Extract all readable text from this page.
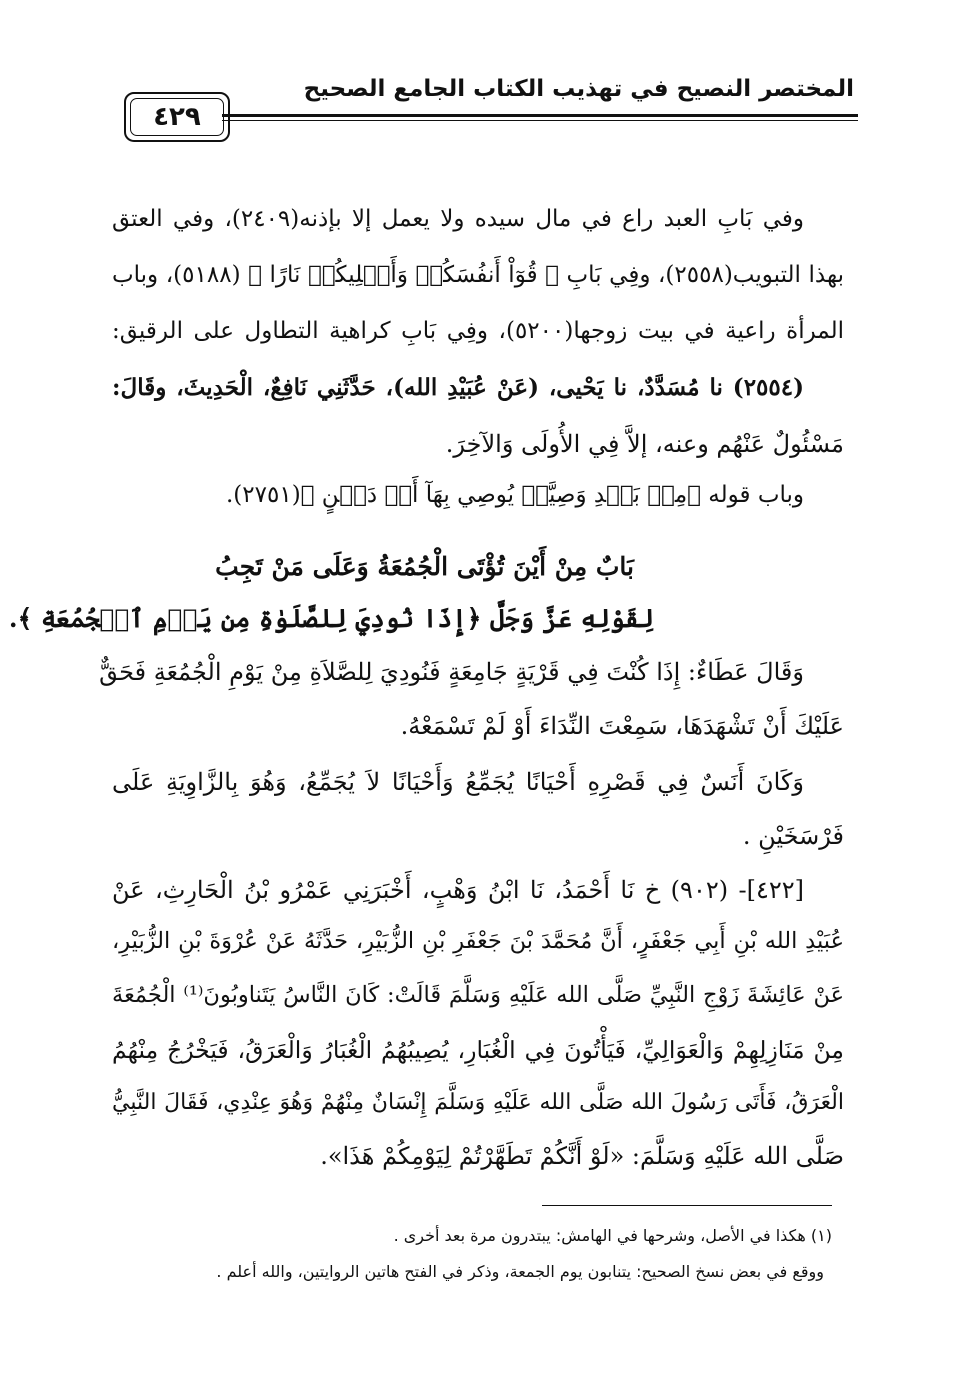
المختصر النصيح في تهذيب الكتاب الجامع الصحيح
٤٢٩
وفي بَابِ العبد راع في مال سيده ولا يعمل إلا بإذنه(٢٤٠٩)، وفي العتق
بهذا التبويب(٢٥٥٨)، وفِي بَابِ ﴿ قُوٓاْ أَنفُسَكُوۡ وَأَهۡلِيكُوۡ نَارًا ﴾ (٥١٨٨)، وباب
المرأة راعية في بيت زوجها(٥٢٠٠)، وفِي بَابِ كراهية التطاول على الرقيق:
(٢٥٥٤) نا مُسَدَّدٌ، نا يَحْيى، (عَنْ عُبَيْدِ الله)، حَدَّثَنِي نَافِعٌ، الْحَدِيثَ، وقَالَ:
مَسْئُولٌ عَنْهُم وعنه، إلاَّ فِي الأُولَى وَالآخِرَ.
وباب قوله ﴿مِنۢ بَعۡدِ وَصِيَّةٖ يُوصِي بِهَآ أَوۡ دَيۡنٍ ﴾(٢٧٥١).
بَابٌ مِنْ أَيْنَ تُؤْتَى الْجُمُعَةُ وَعَلَى مَنْ تَجِبُ
لِقَوْلِهِ عَزَّ وَجَلَّ ﴿إِذَا نُودِيَ لِلصَّلَوٰةِ مِن يَوۡمِ ٱلۡجُمُعَةِ ﴾.
وَقَالَ عَطَاءٌ: إِذَا كُنْتَ فِي قَرْيَةٍ جَامِعَةٍ فَنُودِيَ لِلصَّلاَةِ مِنْ يَوْمِ الْجُمُعَةِ فَحَقٌّ
عَلَيْكَ أَنْ تَشْهَدَهَا، سَمِعْتَ النِّدَاءَ أَوْ لَمْ تَسْمَعْهُ.
وَكَانَ أَنَسٌ فِي قَصْرِهِ أَحْيَانًا يُجَمِّعُ وَأَحْيَانًا لاَ يُجَمِّعُ، وَهُوَ بِالزَّاوِيَةِ عَلَى
فَرْسَخَيْنِ .
[٤٢٢]- (٩٠٢) خ نَا أَحْمَدُ، نَا ابْنُ وَهْبٍ، أَخْبَرَنِي عَمْرُو بْنُ الْحَارِثِ، عَنْ
عُبَيْدِ الله بْنِ أَبِي جَعْفَرٍ، أَنَّ مُحَمَّدَ بْنَ جَعْفَرِ بْنِ الزُّبَيْرِ، حَدَّثَهُ عَنْ عُرْوَةَ بْنِ الزُّبَيْرِ،
عَنْ عَائِشَةَ زَوْجِ النَّبِيِّ صَلَّى الله عَلَيْهِ وَسَلَّمَ قَالَتْ: كَانَ النَّاسُ يَتَناوبُونَ⁽¹⁾ الْجُمُعَةَ
مِنْ مَنَازِلِهِمْ وَالْعَوَالِيِّ، فَيَأْتُونَ فِي الْغُبَارِ، يُصِيبُهُمُ الْغُبَارُ وَالْعَرَقُ، فَيَخْرُجُ مِنْهُمُ
الْعَرَقُ، فَأَتَى رَسُولَ الله صَلَّى الله عَلَيْهِ وَسَلَّمَ إِنْسَانٌ مِنْهُمْ وَهُوَ عِنْدِي، فَقَالَ النَّبِيُّ
صَلَّى الله عَلَيْهِ وَسَلَّمَ: «لَوْ أَنَّكُمْ تَطَهَّرْتُمْ لِيَوْمِكُمْ هَذَا».
(١) هكذا في الأصل، وشرحها في الهامش: يبتدرون مرة بعد أخرى .
ووقع في بعض نسخ الصحيح: يتنابون يوم الجمعة، وذكر في الفتح هاتين الروايتين، والله أعلم .
